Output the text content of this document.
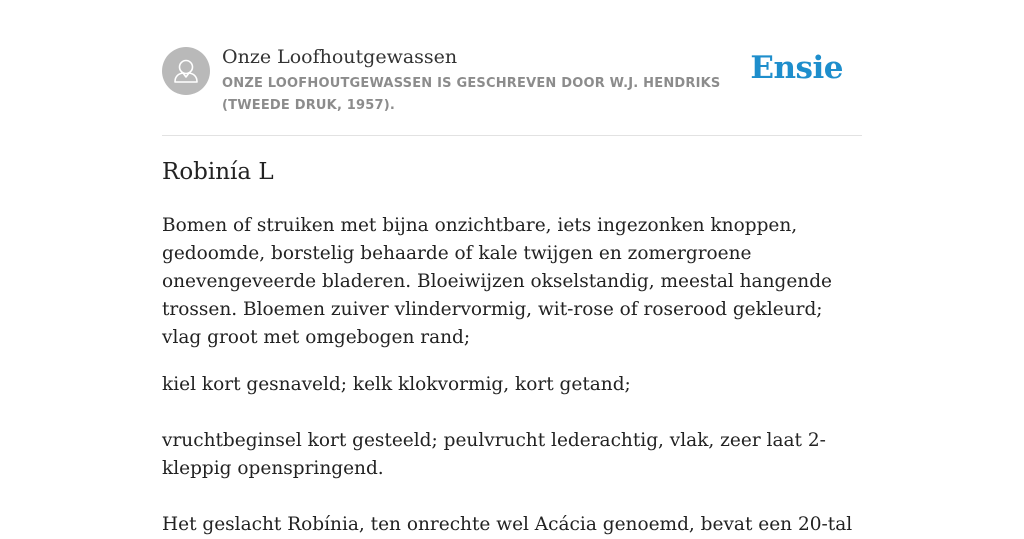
Onze Loofhoutgewassen
ONZE LOOFHOUTGEWASSEN IS GESCHREVEN DOOR W.J. HENDRIKS (TWEEDE DRUK, 1957).
Ensie
Robinía L

Bomen of struiken met bijna onzichtbare, iets ingezonken knoppen, gedoomde, borstelig behaarde of kale twijgen en zomergroene onevengeveerde bladeren. Bloeiwijzen okselstandig, meestal hangende trossen. Bloemen zuiver vlindervormig, wit-rose of roserood gekleurd; vlag groot met omgebogen rand;

kiel kort gesnaveld; kelk klokvormig, kort getand;

vruchtbeginsel kort gesteeld; peulvrucht lederachtig, vlak, zeer laat 2-kleppig openspringend.

Het geslacht Robínia, ten onrechte wel Acácia genoemd, bevat een 20-tal
